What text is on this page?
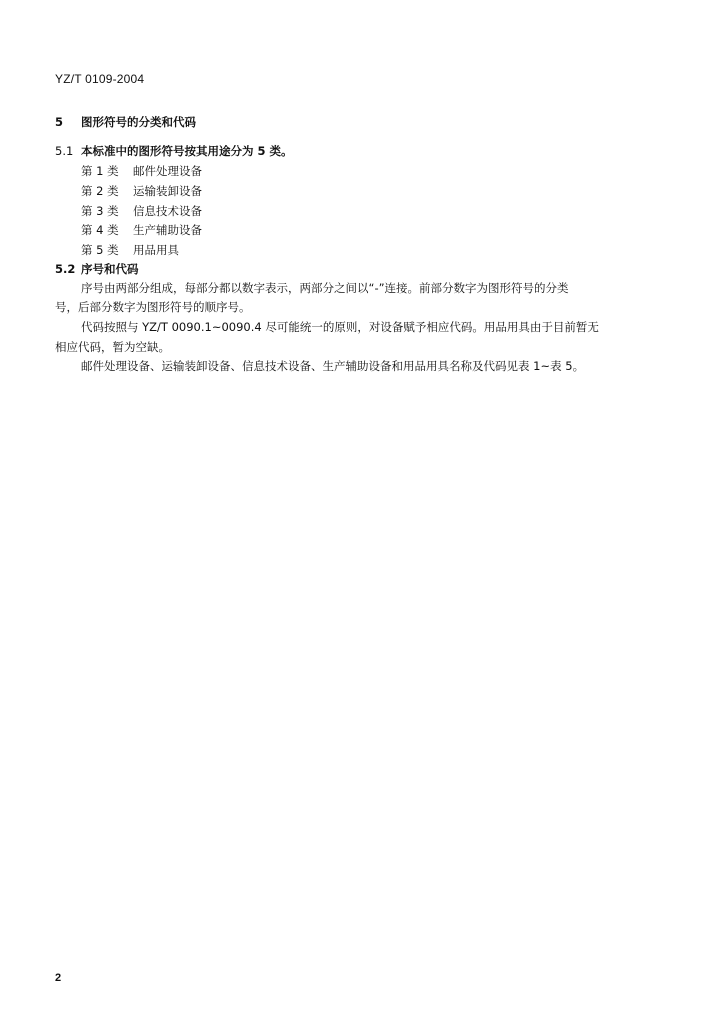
YZ/T 0109-2004
5 图形符号的分类和代码
5.1 本标准中的图形符号按其用途分为 5 类。
第 1 类 邮件处理设备
第 2 类 运输装卸设备
第 3 类 信息技术设备
第 4 类 生产辅助设备
第 5 类 用品用具
5.2 序号和代码
序号由两部分组成，每部分都以数字表示，两部分之间以“-”连接。前部分数字为图形符号的分类
号，后部分数字为图形符号的顺序号。
代码按照与 YZ/T 0090.1~0090.4 尽可能统一的原则，对设备赋予相应代码。用品用具由于目前暂无
相应代码，暂为空缺。
邮件处理设备、运输装卸设备、信息技术设备、生产辅助设备和用品用具名称及代码见表 1~表 5。
2
